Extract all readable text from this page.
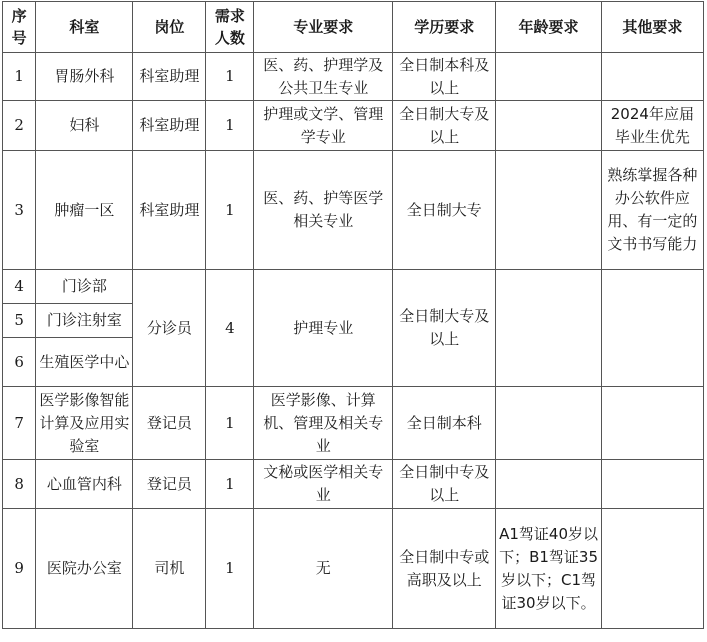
序号	科室	岗位	需求人数	专业要求	学历要求	年龄要求	其他要求
1	胃肠外科	科室助理	1	医、药、护理学及公共卫生专业	全日制本科及以上		
2	妇科	科室助理	1	护理或文学、管理学专业	全日制大专及以上		2024年应届毕业生优先
3	肿瘤一区	科室助理	1	医、药、护等医学相关专业	全日制大专		熟练掌握各种办公软件应用、有一定的文书书写能力
4	门诊部	分诊员	4	护理专业	全日制大专及以上		
5	门诊注射室						
6	生殖医学中心						
7	医学影像智能计算及应用实验室	登记员	1	医学影像、计算机、管理及相关专业	全日制本科		
8	心血管内科	登记员	1	文秘或医学相关专业	全日制中专及以上		
9	医院办公室	司机	1	无	全日制中专或高职及以上	A1驾证40岁以下；B1驾证35岁以下；C1驾证30岁以下。	
